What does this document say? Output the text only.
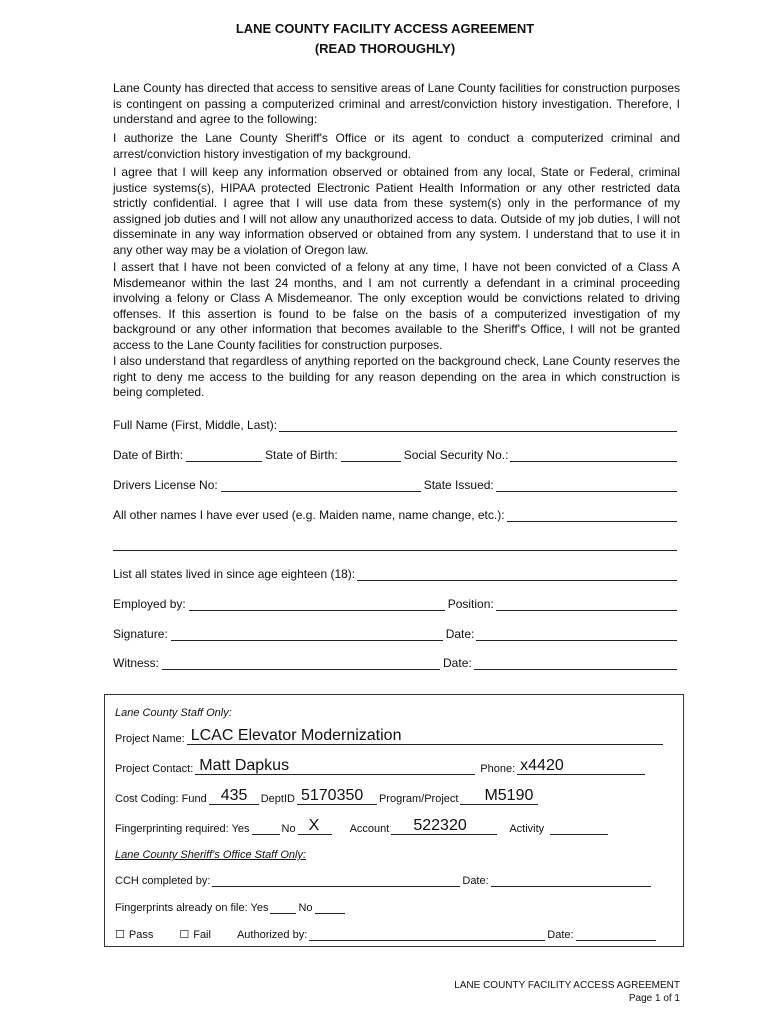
LANE COUNTY FACILITY ACCESS AGREEMENT
(READ THOROUGHLY)

Lane County has directed that access to sensitive areas of Lane County facilities for construction purposes is contingent on passing a computerized criminal and arrest/conviction history investigation. Therefore, I understand and agree to the following:

I authorize the Lane County Sheriff's Office or its agent to conduct a computerized criminal and arrest/conviction history investigation of my background.

I agree that I will keep any information observed or obtained from any local, State or Federal, criminal justice systems(s), HIPAA protected Electronic Patient Health Information or any other restricted data strictly confidential. I agree that I will use data from these system(s) only in the performance of my assigned job duties and I will not allow any unauthorized access to data. Outside of my job duties, I will not disseminate in any way information observed or obtained from any system. I understand that to use it in any other way may be a violation of Oregon law.

I assert that I have not been convicted of a felony at any time, I have not been convicted of a Class A Misdemeanor within the last 24 months, and I am not currently a defendant in a criminal proceeding involving a felony or Class A Misdemeanor. The only exception would be convictions related to driving offenses. If this assertion is found to be false on the basis of a computerized investigation of my background or any other information that becomes available to the Sheriff's Office, I will not be granted access to the Lane County facilities for construction purposes.

I also understand that regardless of anything reported on the background check, Lane County reserves the right to deny me access to the building for any reason depending on the area in which construction is being completed.

Full Name (First, Middle, Last):
Date of Birth:	State of Birth:	Social Security No.:
Drivers License No:	State Issued:
All other names I have ever used (e.g. Maiden name, name change, etc.):
List all states lived in since age eighteen (18):
Employed by:	Position:
Signature:	Date:
Witness:	Date:
Lane County Staff Only:
Project Name: LCAC Elevator Modernization
Project Contact: Matt Dapkus	Phone: x4420
Cost Coding: Fund 435 DeptID 5170350 Program/Project M5190
Fingerprinting required: Yes	No X	Account 522320	Activity
Lane County Sheriff's Office Staff Only:
CCH completed by:	Date:
Fingerprints already on file: Yes	No
☐ Pass ☐ Fail Authorized by:	Date:
LANE COUNTY FACILITY ACCESS AGREEMENT
Page 1 of 1
